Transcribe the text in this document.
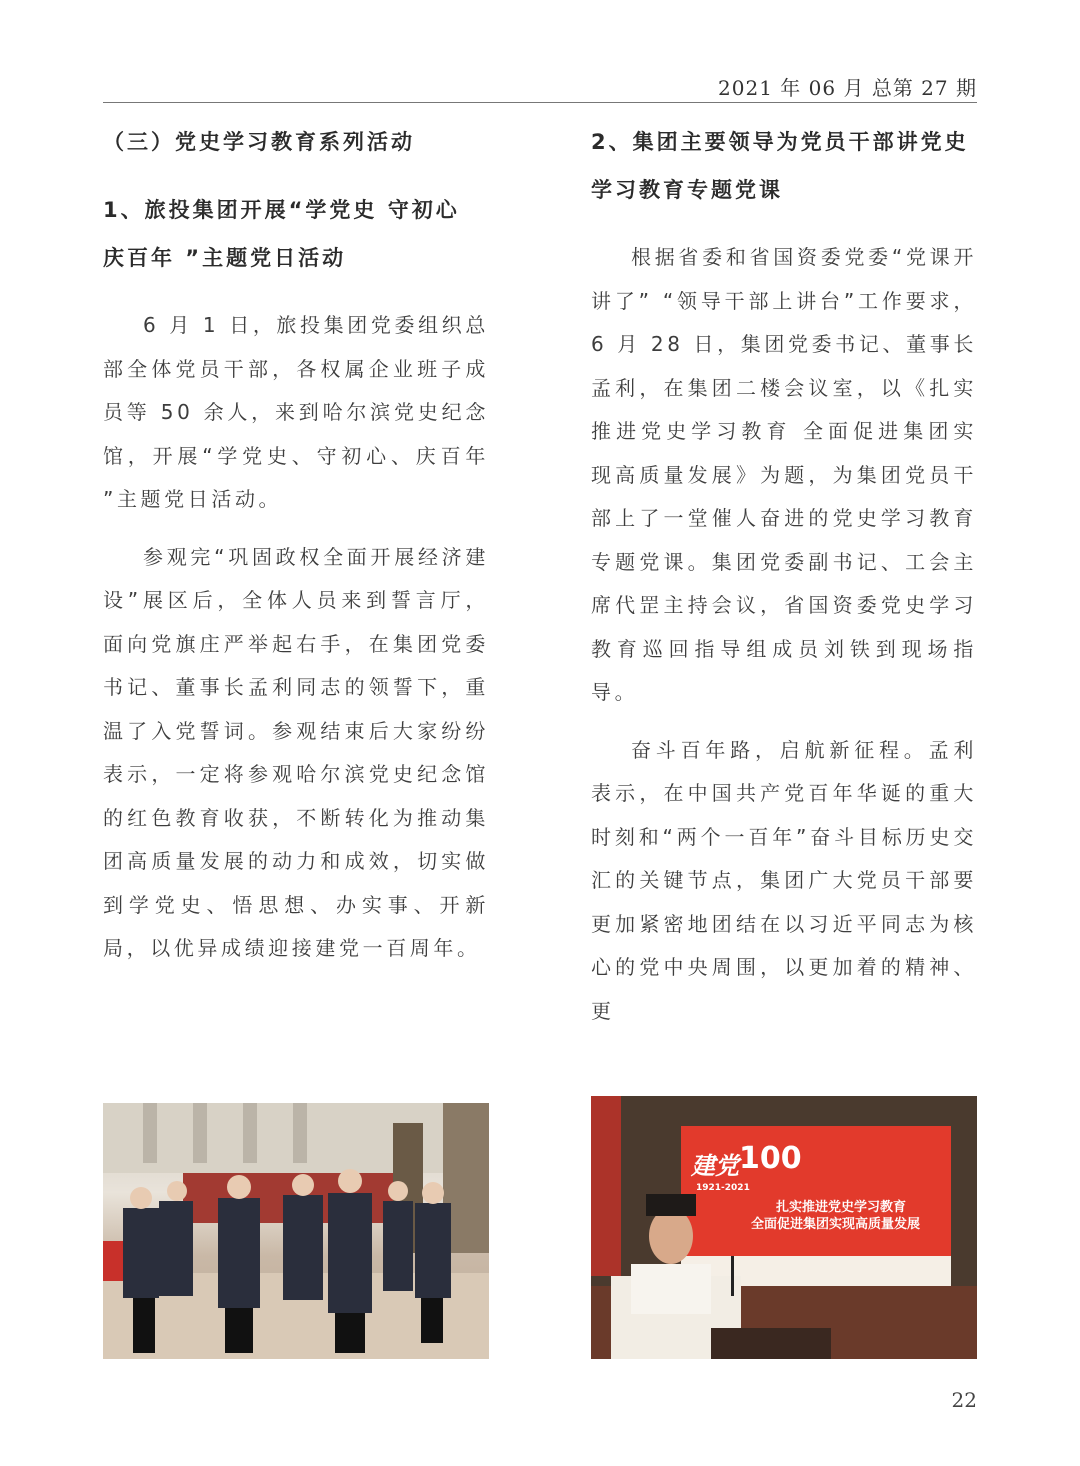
2021 年 06 月 总第 27 期
（三）党史学习教育系列活动
1、旅投集团开展“学党史 守初心 庆百年 ”主题党日活动

6 月 1 日，旅投集团党委组织总部全体党员干部，各权属企业班子成员等 50 余人，来到哈尔滨党史纪念馆，开展“学党史、守初心、庆百年 ”主题党日活动。

参观完“巩固政权全面开展经济建设”展区后，全体人员来到誓言厅，面向党旗庄严举起右手，在集团党委书记、董事长孟利同志的领誓下，重温了入党誓词。参观结束后大家纷纷表示，一定将参观哈尔滨党史纪念馆的红色教育收获，不断转化为推动集团高质量发展的动力和成效，切实做到学党史、悟思想、办实事、开新局，以优异成绩迎接建党一百周年。

2、集团主要领导为党员干部讲党史学习教育专题党课

根据省委和省国资委党委“党课开讲了” “领导干部上讲台”工作要求，6 月 28 日，集团党委书记、董事长孟利，在集团二楼会议室，以《扎实推进党史学习教育 全面促进集团实现高质量发展》为题，为集团党员干部上了一堂催人奋进的党史学习教育专题党课。集团党委副书记、工会主席代罡主持会议，省国资委党史学习教育巡回指导组成员刘铁到现场指导。

奋斗百年路，启航新征程。孟利表示，在中国共产党百年华诞的重大时刻和“两个一百年”奋斗目标历史交汇的关键节点，集团广大党员干部要更加紧密地团结在以习近平同志为核心的党中央周围，以更加着的精神、更

建党 100
1921-2021
扎实推进党史学习教育
全面促进集团实现高质量发展
22
